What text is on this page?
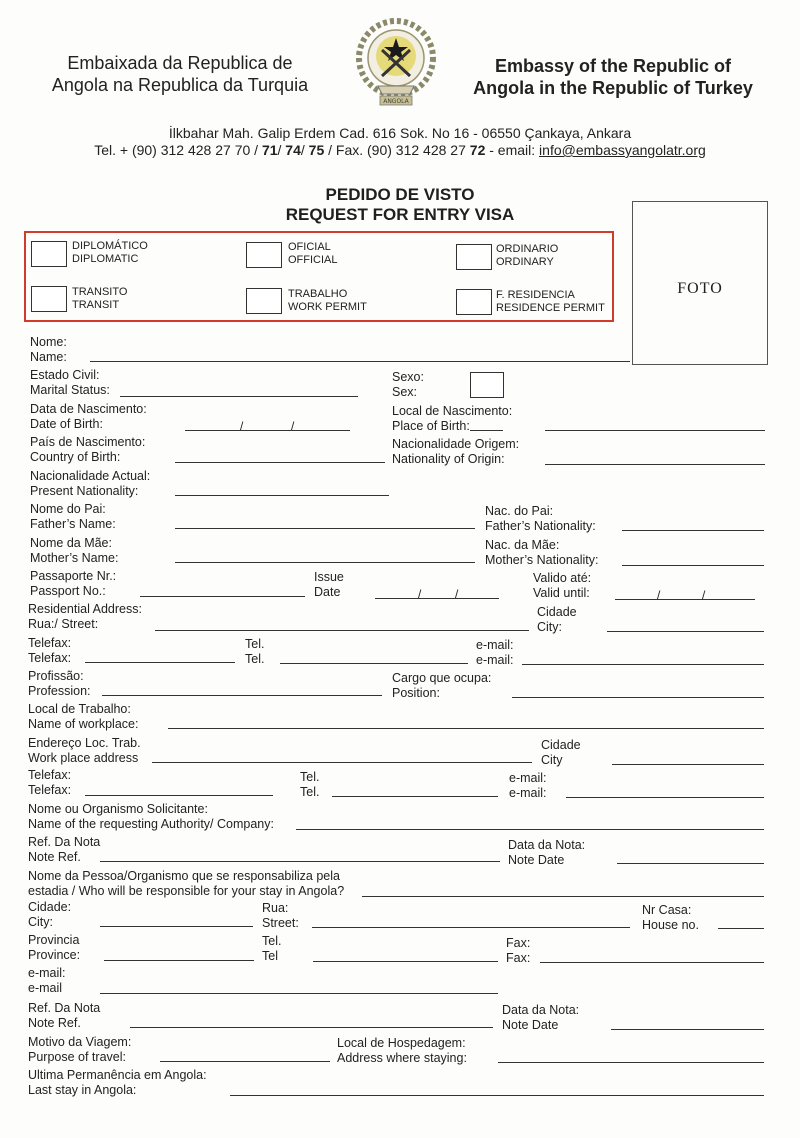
Embaixada da Republica de
Angola na Republica da Turquia
ANGOLA
Embassy of the Republic of
Angola in the Republic of Turkey
İlkbahar Mah. Galip Erdem Cad. 616 Sok. No 16 - 06550 Çankaya, Ankara
Tel. + (90) 312 428 27 70 / 71/ 74/ 75 / Fax. (90) 312 428 27 72 - email: info@embassyangolatr.org
PEDIDO DE VISTO
REQUEST FOR ENTRY VISA
FOTO
DIPLOMÁTICO
DIPLOMATIC
OFICIAL
OFFICIAL
ORDINARIO
ORDINARY
TRANSITO
TRANSIT
TRABALHO
WORK PERMIT
F. RESIDENCIA
RESIDENCE PERMIT
Nome:
Name:
Estado Civil:
Marital Status:
Sexo:
Sex:
Data de Nascimento:
Date of Birth:	/	/
Local de Nascimento:
Place of Birth:
País de Nascimento:
Country of Birth:
Nacionalidade Origem:
Nationality of Origin:
Nacionalidade Actual:
Present Nationality:
Nome do Pai:
Father’s Name:
Nac. do Pai:
Father’s Nationality:
Nome da Mãe:
Mother’s Name:
Nac. da Mãe:
Mother’s Nationality:
Passaporte Nr.:
Passport No.:
Issue
Date	/	/
Valido até:
Valid until:	/	/
Residential Address:
Rua:/ Street:
Cidade
City:
Telefax:
Telefax:
Tel.
Tel.
e-mail:
e-mail:
Profissão:
Profession:
Cargo que ocupa:
Position:
Local de Trabalho:
Name of workplace:
Endereço Loc. Trab.
Work place address
Cidade
City
Telefax:
Telefax:
Tel.
Tel.
e-mail:
e-mail:
Nome ou Organismo Solicitante:
Name of the requesting Authority/ Company:
Ref. Da Nota
Note Ref.
Data da Nota:
Note Date
Nome da Pessoa/Organismo que se responsabiliza pela
estadia / Who will be responsible for your stay in Angola?
Cidade:
City:
Rua:
Street:
Nr Casa:
House no.
Provincia
Province:
Tel.
Tel
Fax:
Fax:
e-mail:
e-mail
Ref. Da Nota
Note Ref.
Data da Nota:
Note Date
Motivo da Viagem:
Purpose of travel:
Local de Hospedagem:
Address where staying:
Ultima Permanência em Angola:
Last stay in Angola:
